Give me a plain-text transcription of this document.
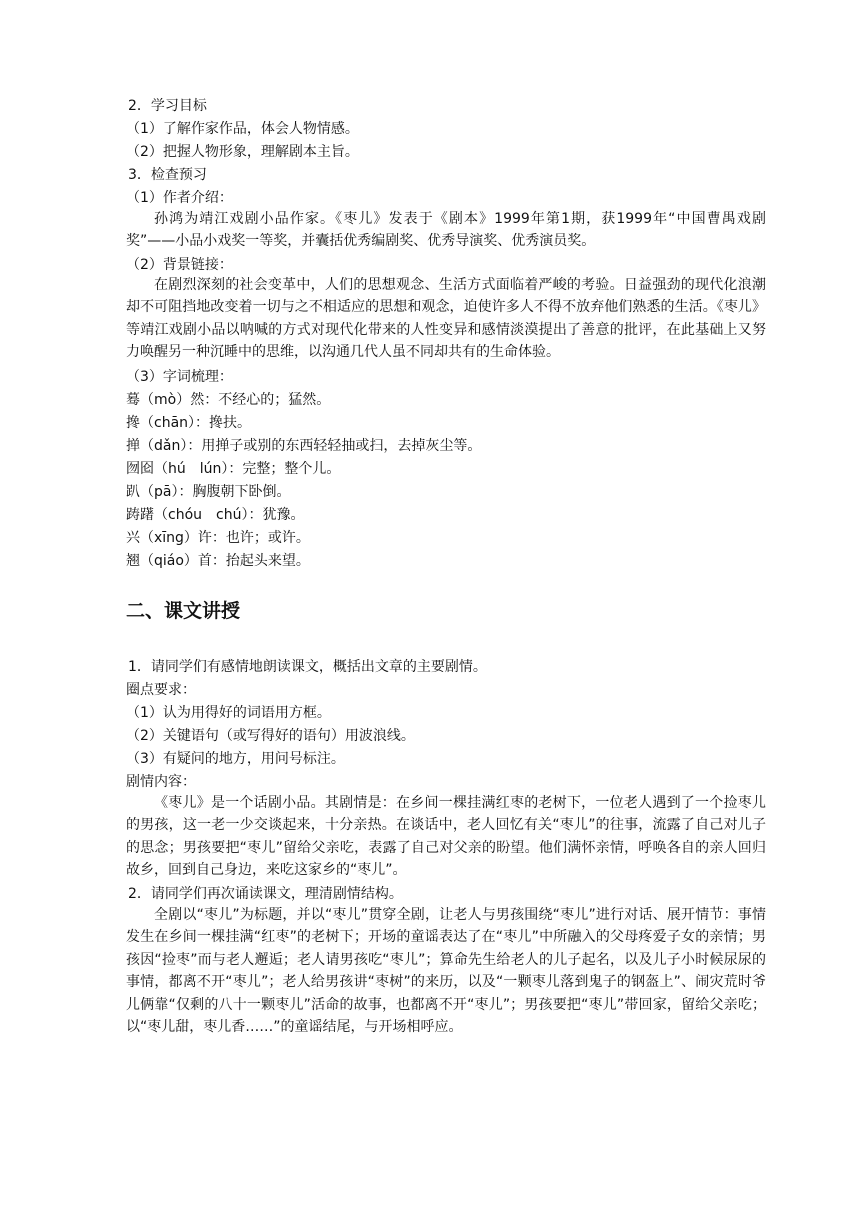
2．学习目标
（1）了解作家作品，体会人物情感。
（2）把握人物形象，理解剧本主旨。
3．检查预习
（1）作者介绍：
孙鸿为靖江戏剧小品作家。《枣儿》发表于《剧本》1999年第1期，获1999年“中国曹禺戏剧奖”——小品小戏奖一等奖，并囊括优秀编剧奖、优秀导演奖、优秀演员奖。
（2）背景链接：
在剧烈深刻的社会变革中，人们的思想观念、生活方式面临着严峻的考验。日益强劲的现代化浪潮却不可阻挡地改变着一切与之不相适应的思想和观念，迫使许多人不得不放弃他们熟悉的生活。《枣儿》等靖江戏剧小品以呐喊的方式对现代化带来的人性变异和感情淡漠提出了善意的批评，在此基础上又努力唤醒另一种沉睡中的思维，以沟通几代人虽不同却共有的生命体验。
（3）字词梳理：
蓦（mò）然：不经心的；猛然。
搀（chān）：搀扶。
掸（dǎn）：用掸子或别的东西轻轻抽或扫，去掉灰尘等。
囫囵（hú　lún）：完整；整个儿。
趴（pā）：胸腹朝下卧倒。
踌躇（chóu　chú）：犹豫。
兴（xīng）许：也许；或许。
翘（qiáo）首：抬起头来望。
二、课文讲授
1．请同学们有感情地朗读课文，概括出文章的主要剧情。
圈点要求：
（1）认为用得好的词语用方框。
（2）关键语句（或写得好的语句）用波浪线。
（3）有疑问的地方，用问号标注。
剧情内容：
《枣儿》是一个话剧小品。其剧情是：在乡间一棵挂满红枣的老树下，一位老人遇到了一个捡枣儿的男孩，这一老一少交谈起来，十分亲热。在谈话中，老人回忆有关“枣儿”的往事，流露了自己对儿子的思念；男孩要把“枣儿”留给父亲吃，表露了自己对父亲的盼望。他们满怀亲情，呼唤各自的亲人回归故乡，回到自己身边，来吃这家乡的“枣儿”。
2．请同学们再次诵读课文，理清剧情结构。
全剧以“枣儿”为标题，并以“枣儿”贯穿全剧，让老人与男孩围绕“枣儿”进行对话、展开情节：事情发生在乡间一棵挂满“红枣”的老树下；开场的童谣表达了在“枣儿”中所融入的父母疼爱子女的亲情；男孩因“捡枣”而与老人邂逅；老人请男孩吃“枣儿”；算命先生给老人的儿子起名，以及儿子小时候尿尿的事情，都离不开“枣儿”；老人给男孩讲“枣树”的来历，以及“一颗枣儿落到鬼子的钢盔上”、闹灾荒时爷儿俩靠“仅剩的八十一颗枣儿”活命的故事，也都离不开“枣儿”；男孩要把“枣儿”带回家，留给父亲吃；以“枣儿甜，枣儿香……”的童谣结尾，与开场相呼应。
